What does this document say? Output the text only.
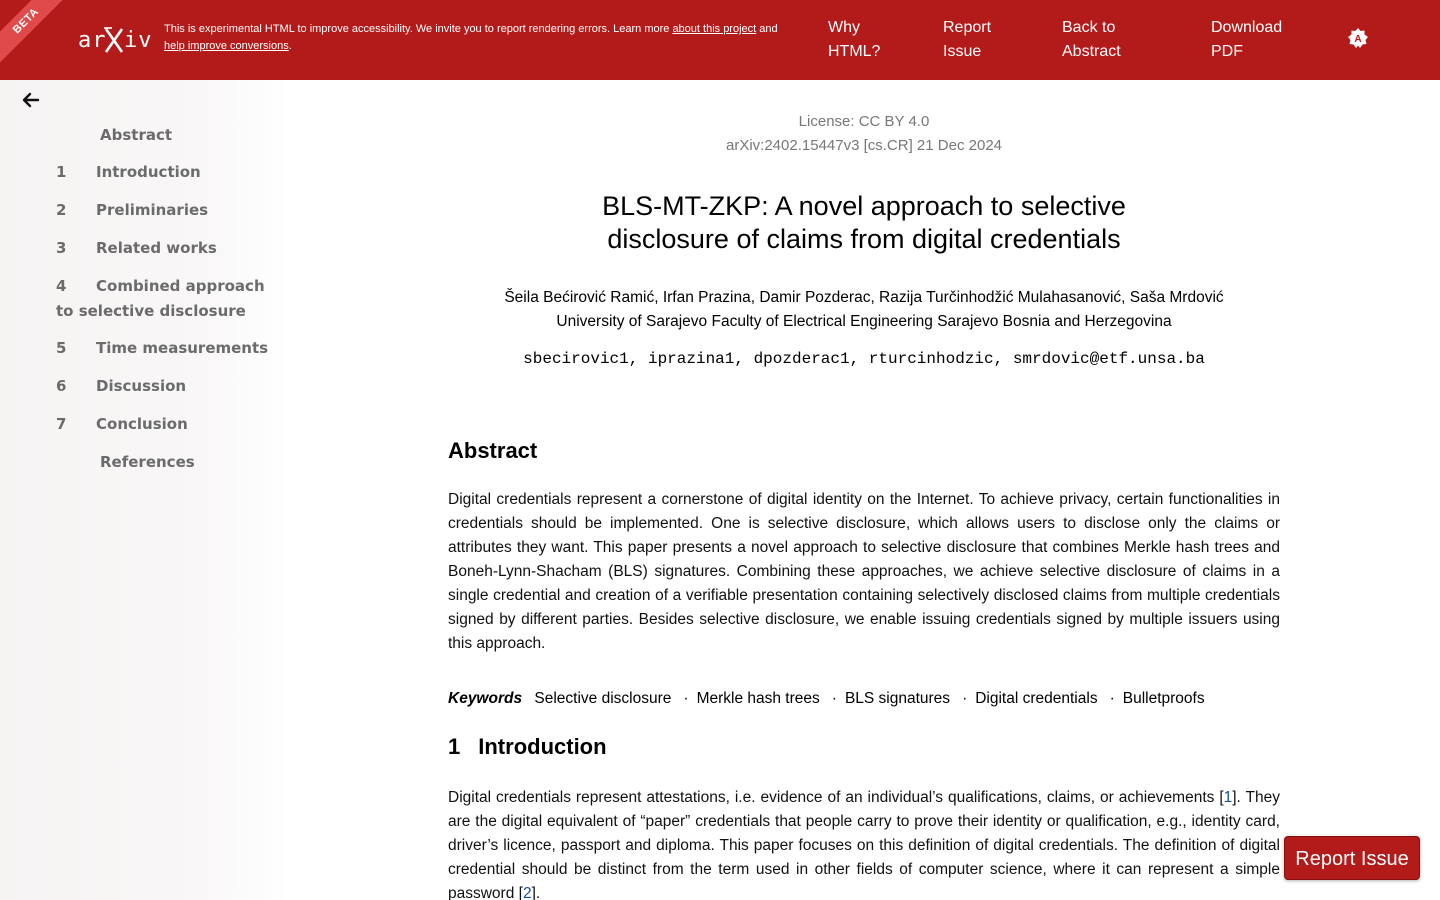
BETA
ar iv This is experimental HTML to improve accessibility. We invite you to report rendering errors. Learn more about this project and
help improve conversions.
Why
HTML?
Report
Issue
Back to
Abstract
Download
PDF
A
Abstract
1 Introduction
2 Preliminaries
3 Related works
4 Combined approach
to selective disclosure
5 Time measurements
6 Discussion
7 Conclusion
References
License: CC BY 4.0
arXiv:2402.15447v3 [cs.CR] 21 Dec 2024
BLS-MT-ZKP: A novel approach to selective
disclosure of claims from digital credentials
Šeila Bećirović Ramić, Irfan Prazina, Damir Pozderac, Razija Turčinhodžić Mulahasanović, Saša Mrdović
University of Sarajevo Faculty of Electrical Engineering Sarajevo Bosnia and Herzegovina
sbecirovic1, iprazina1, dpozderac1, rturcinhodzic, smrdovic@etf.unsa.ba
Abstract
Digital credentials represent a cornerstone of digital identity on the Internet. To achieve privacy, certain functionalities in credentials should be implemented. One is selective disclosure, which allows users to disclose only the claims or attributes they want. This paper presents a novel approach to selective disclosure that combines Merkle hash trees and Boneh-Lynn-Shacham (BLS) signatures. Combining these approaches, we achieve selective disclosure of claims in a single credential and creation of a verifiable presentation containing selectively disclosed claims from multiple credentials signed by different parties. Besides selective disclosure, we enable issuing credentials signed by multiple issuers using this approach.
Keywords Selective disclosure · Merkle hash trees · BLS signatures · Digital credentials · Bulletproofs
1 Introduction
Digital credentials represent attestations, i.e. evidence of an individual’s qualifications, claims, or achievements [1]. They are the digital equivalent of “paper” credentials that people carry to prove their identity or qualification, e.g., identity card, driver’s licence, passport and diploma. This paper focuses on this definition of digital credentials. The definition of digital credential should be distinct from the term used in other fields of computer science, where it can represent a simple password [2].
Report Issue
